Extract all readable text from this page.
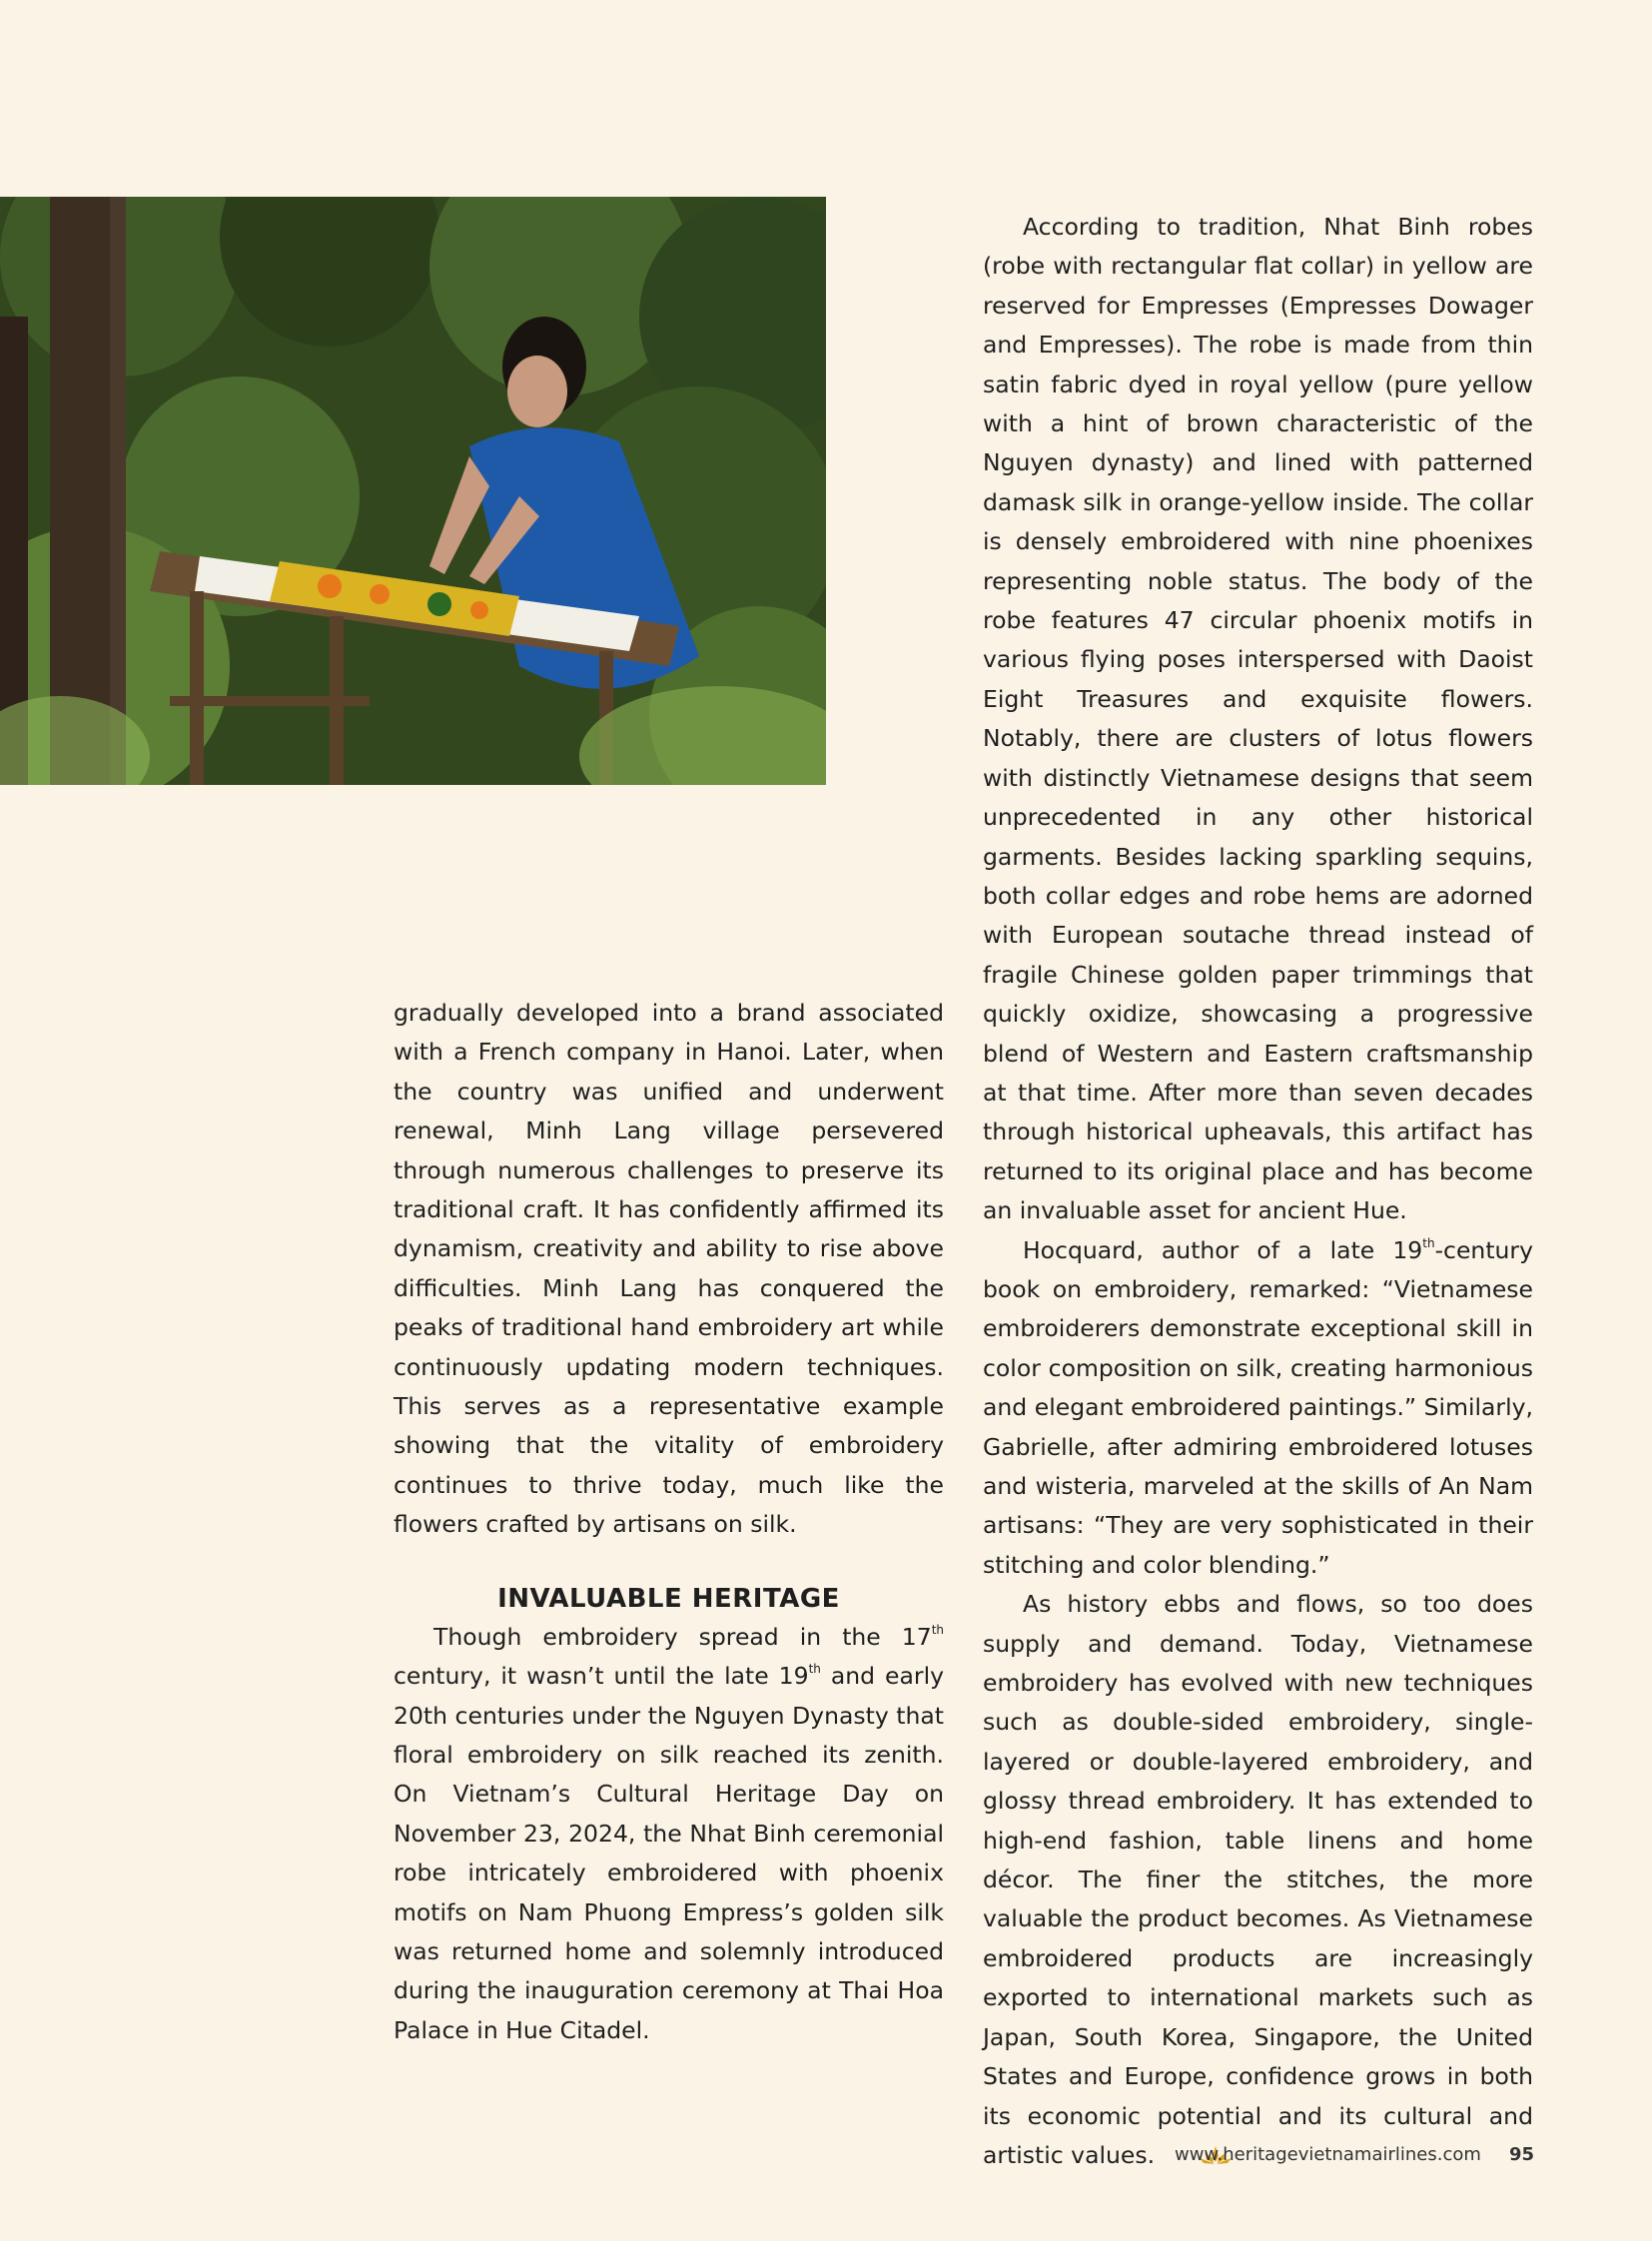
gradually developed into a brand associated with a French company in Hanoi. Later, when the country was unified and underwent renewal, Minh Lang village persevered through numerous challenges to preserve its traditional craft. It has confidently affirmed its dynamism, creativity and ability to rise above difficulties. Minh Lang has conquered the peaks of traditional hand embroidery art while continuously updating modern techniques. This serves as a representative example showing that the vitality of embroidery continues to thrive today, much like the flowers crafted by artisans on silk.

INVALUABLE HERITAGE

Though embroidery spread in the 17th century, it wasn’t until the late 19th and early 20th centuries under the Nguyen Dynasty that floral embroidery on silk reached its zenith. On Vietnam’s Cultural Heritage Day on November 23, 2024, the Nhat Binh ceremonial robe intricately embroidered with phoenix motifs on Nam Phuong Empress’s golden silk was returned home and solemnly introduced during the inauguration ceremony at Thai Hoa Palace in Hue Citadel.

According to tradition, Nhat Binh robes (robe with rectangular flat collar) in yellow are reserved for Empresses (Empresses Dowager and Empresses). The robe is made from thin satin fabric dyed in royal yellow (pure yellow with a hint of brown characteristic of the Nguyen dynasty) and lined with patterned damask silk in orange-yellow inside. The collar is densely embroidered with nine phoenixes representing noble status. The body of the robe features 47 circular phoenix motifs in various flying poses interspersed with Daoist Eight Treasures and exquisite flowers. Notably, there are clusters of lotus flowers with distinctly Vietnamese designs that seem unprecedented in any other historical garments. Besides lacking sparkling sequins, both collar edges and robe hems are adorned with European soutache thread instead of fragile Chinese golden paper trimmings that quickly oxidize, showcasing a progressive blend of Western and Eastern craftsmanship at that time. After more than seven decades through historical upheavals, this artifact has returned to its original place and has become an invaluable asset for ancient Hue.

Hocquard, author of a late 19th-century book on embroidery, remarked: “Vietnamese embroiderers demonstrate exceptional skill in color composition on silk, creating harmonious and elegant embroidered paintings.” Similarly, Gabrielle, after admiring embroidered lotuses and wisteria, marveled at the skills of An Nam artisans: “They are very sophisticated in their stitching and color blending.”

As history ebbs and flows, so too does supply and demand. Today, Vietnamese embroidery has evolved with new techniques such as double-sided embroidery, single-layered or double-layered embroidery, and glossy thread embroidery. It has extended to high-end fashion, table linens and home décor. The finer the stitches, the more valuable the product becomes. As Vietnamese embroidered products are increasingly exported to international markets such as Japan, South Korea, Singapore, the United States and Europe, confidence grows in both its economic potential and its cultural and artistic values.	www.heritagevietnamairlines.com 95
